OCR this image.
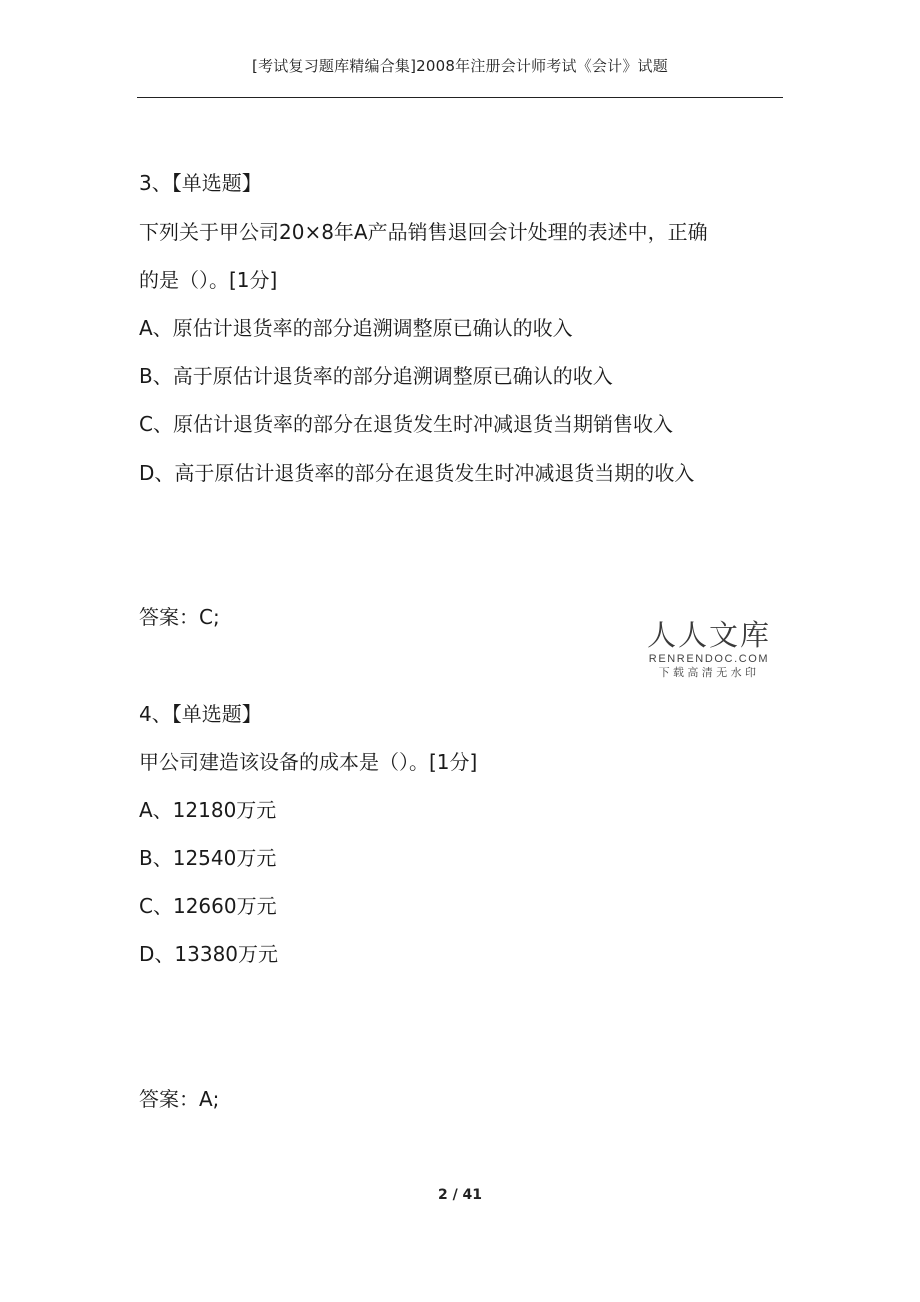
[考试复习题库精编合集]2008年注册会计师考试《会计》试题
3、【单选题】
下列关于甲公司20×8年A产品销售退回会计处理的表述中，正确
的是（）。[1分]
A、原估计退货率的部分追溯调整原已确认的收入
B、高于原估计退货率的部分追溯调整原已确认的收入
C、原估计退货率的部分在退货发生时冲减退货当期销售收入
D、高于原估计退货率的部分在退货发生时冲减退货当期的收入
答案：C;
人人文库
RENRENDOC.COM
下载高清无水印
4、【单选题】
甲公司建造该设备的成本是（）。[1分]
A、12180万元
B、12540万元
C、12660万元
D、13380万元
答案：A;
2 / 41
